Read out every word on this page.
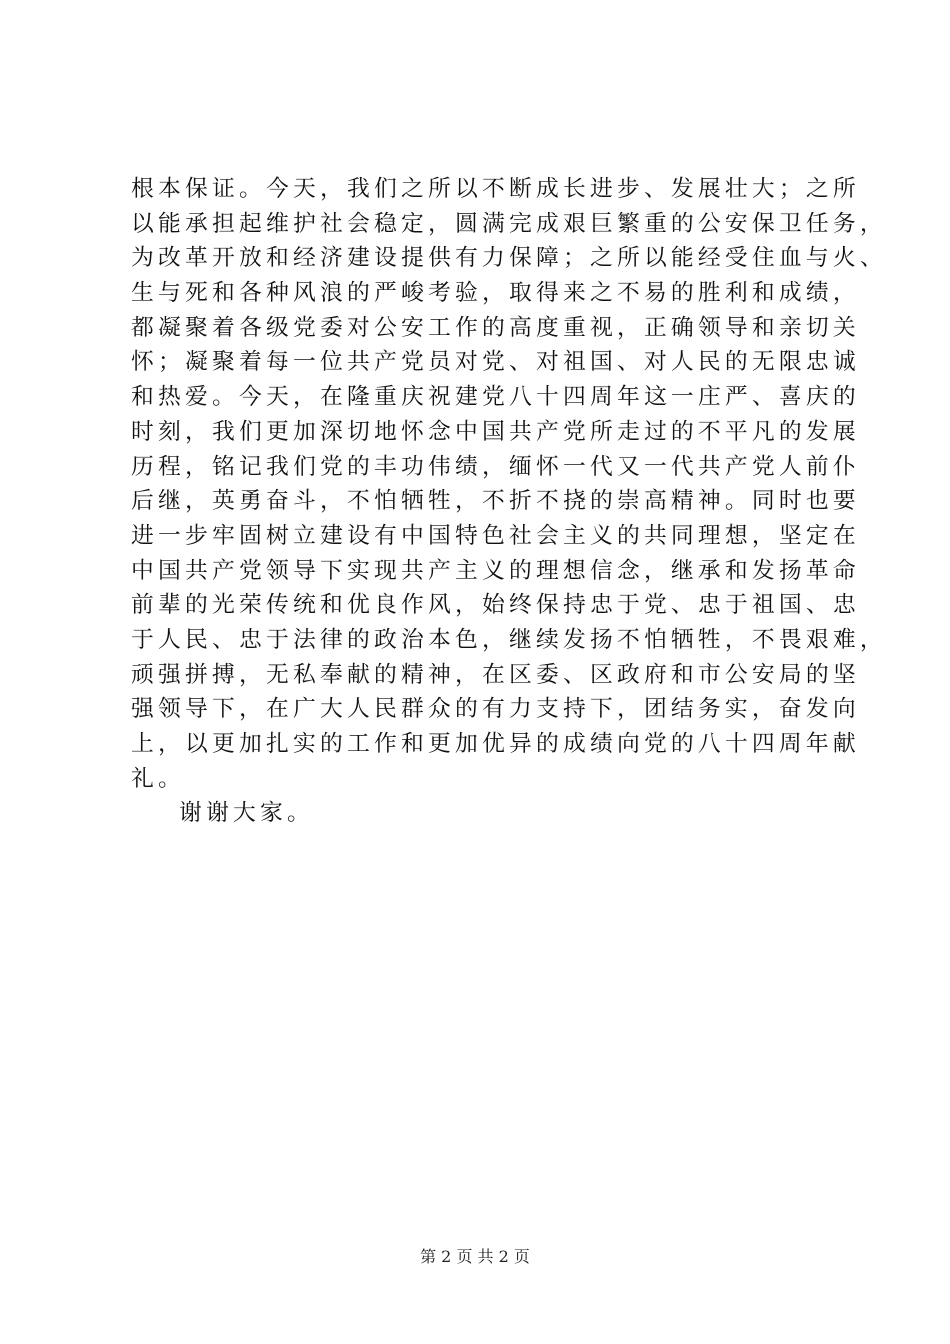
根本保证。今天，我们之所以不断成长进步、发展壮大；之所
以能承担起维护社会稳定，圆满完成艰巨繁重的公安保卫任务，
为改革开放和经济建设提供有力保障；之所以能经受住血与火、
生与死和各种风浪的严峻考验，取得来之不易的胜利和成绩，
都凝聚着各级党委对公安工作的高度重视，正确领导和亲切关
怀；凝聚着每一位共产党员对党、对祖国、对人民的无限忠诚
和热爱。今天，在隆重庆祝建党八十四周年这一庄严、喜庆的
时刻，我们更加深切地怀念中国共产党所走过的不平凡的发展
历程，铭记我们党的丰功伟绩，缅怀一代又一代共产党人前仆
后继，英勇奋斗，不怕牺牲，不折不挠的崇高精神。同时也要
进一步牢固树立建设有中国特色社会主义的共同理想，坚定在
中国共产党领导下实现共产主义的理想信念，继承和发扬革命
前辈的光荣传统和优良作风，始终保持忠于党、忠于祖国、忠
于人民、忠于法律的政治本色，继续发扬不怕牺牲，不畏艰难，
顽强拼搏，无私奉献的精神，在区委、区政府和市公安局的坚
强领导下，在广大人民群众的有力支持下，团结务实，奋发向
上，以更加扎实的工作和更加优异的成绩向党的八十四周年献
礼。
谢谢大家。
第 2 页 共 2 页
